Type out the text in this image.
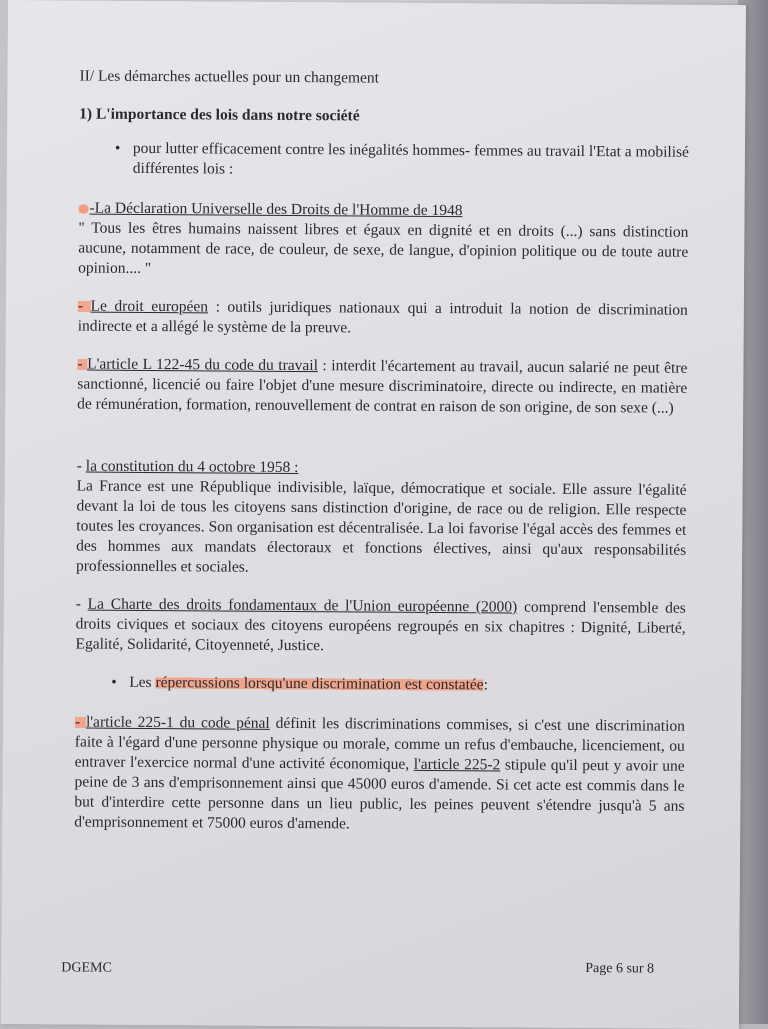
II/ Les démarches actuelles pour un changement

1) L'importance des lois dans notre société

• pour lutter efficacement contre les inégalités hommes- femmes au travail l'Etat a mobilisé différentes lois :
-La Déclaration Universelle des Droits de l'Homme de 1948
" Tous les êtres humains naissent libres et égaux en dignité et en droits (...) sans distinction aucune, notamment de race, de couleur, de sexe, de langue, d'opinion politique ou de toute autre opinion.... "
- Le droit européen : outils juridiques nationaux qui a introduit la notion de discrimination indirecte et a allégé le système de la preuve.
- L'article L 122-45 du code du travail : interdit l'écartement au travail, aucun salarié ne peut être sanctionné, licencié ou faire l'objet d'une mesure discriminatoire, directe ou indirecte, en matière de rémunération, formation, renouvellement de contrat en raison de son origine, de son sexe (...)
- la constitution du 4 octobre 1958 :
La France est une République indivisible, laïque, démocratique et sociale. Elle assure l'égalité devant la loi de tous les citoyens sans distinction d'origine, de race ou de religion. Elle respecte toutes les croyances. Son organisation est décentralisée. La loi favorise l'égal accès des femmes et des hommes aux mandats électoraux et fonctions électives, ainsi qu'aux responsabilités professionnelles et sociales.
- La Charte des droits fondamentaux de l'Union européenne (2000) comprend l'ensemble des droits civiques et sociaux des citoyens européens regroupés en six chapitres : Dignité, Liberté, Egalité, Solidarité, Citoyenneté, Justice.
• Les répercussions lorsqu'une discrimination est constatée:
- l'article 225-1 du code pénal définit les discriminations commises, si c'est une discrimination faite à l'égard d'une personne physique ou morale, comme un refus d'embauche, licenciement, ou entraver l'exercice normal d'une activité économique, l'article 225-2 stipule qu'il peut y avoir une peine de 3 ans d'emprisonnement ainsi que 45000 euros d'amende. Si cet acte est commis dans le but d'interdire cette personne dans un lieu public, les peines peuvent s'étendre jusqu'à 5 ans d'emprisonnement et 75000 euros d'amende.
DGEMC	Page 6 sur 8
